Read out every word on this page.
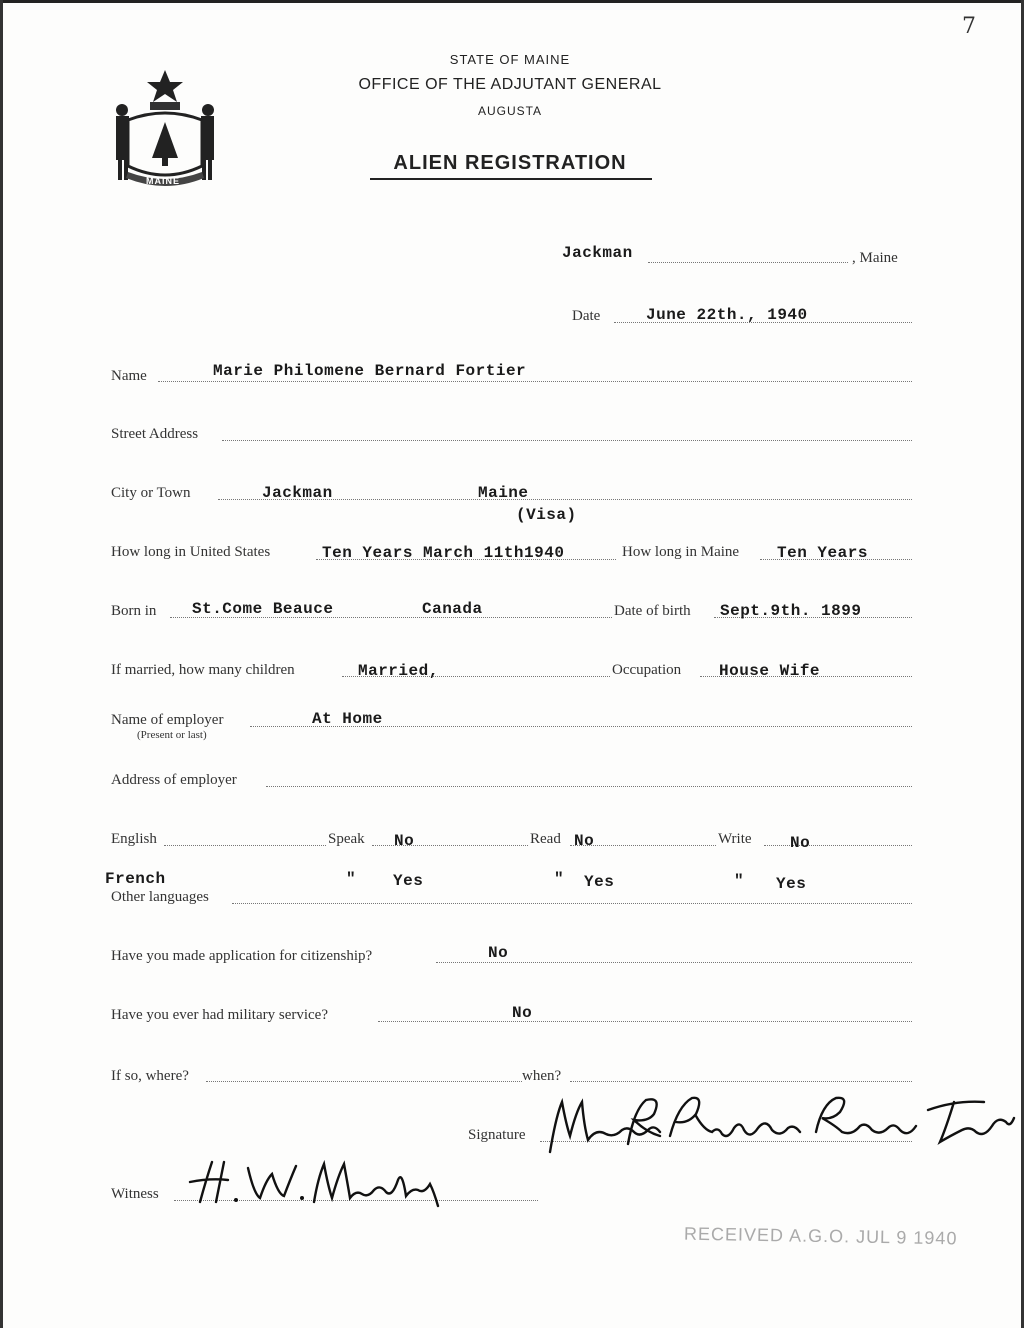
7
MAINE
STATE OF MAINE
OFFICE OF THE ADJUTANT GENERAL
AUGUSTA
ALIEN REGISTRATION
Jackman	, Maine
Date	June 22th., 1940
Name	Marie Philomene Bernard Fortier
Street Address
City or Town	Jackman	Maine
(Visa)
How long in United States	Ten Years March 11th1940	How long in Maine Ten Years
Born in St.Come Beauce	Canada	Date of birth Sept.9th. 1899
If married, how many children	Married,	Occupation House Wife
Name of employer
(Present or last)
At Home
Address of employer
English	Speak No	Read No	Write No
French	" Yes	" Yes	" Yes
Other languages
Have you made application for citizenship?	No
Have you ever had military service?	No
If so, where?	when?
Signature
Witness
RECEIVED A.G.O. JUL 9 1940
